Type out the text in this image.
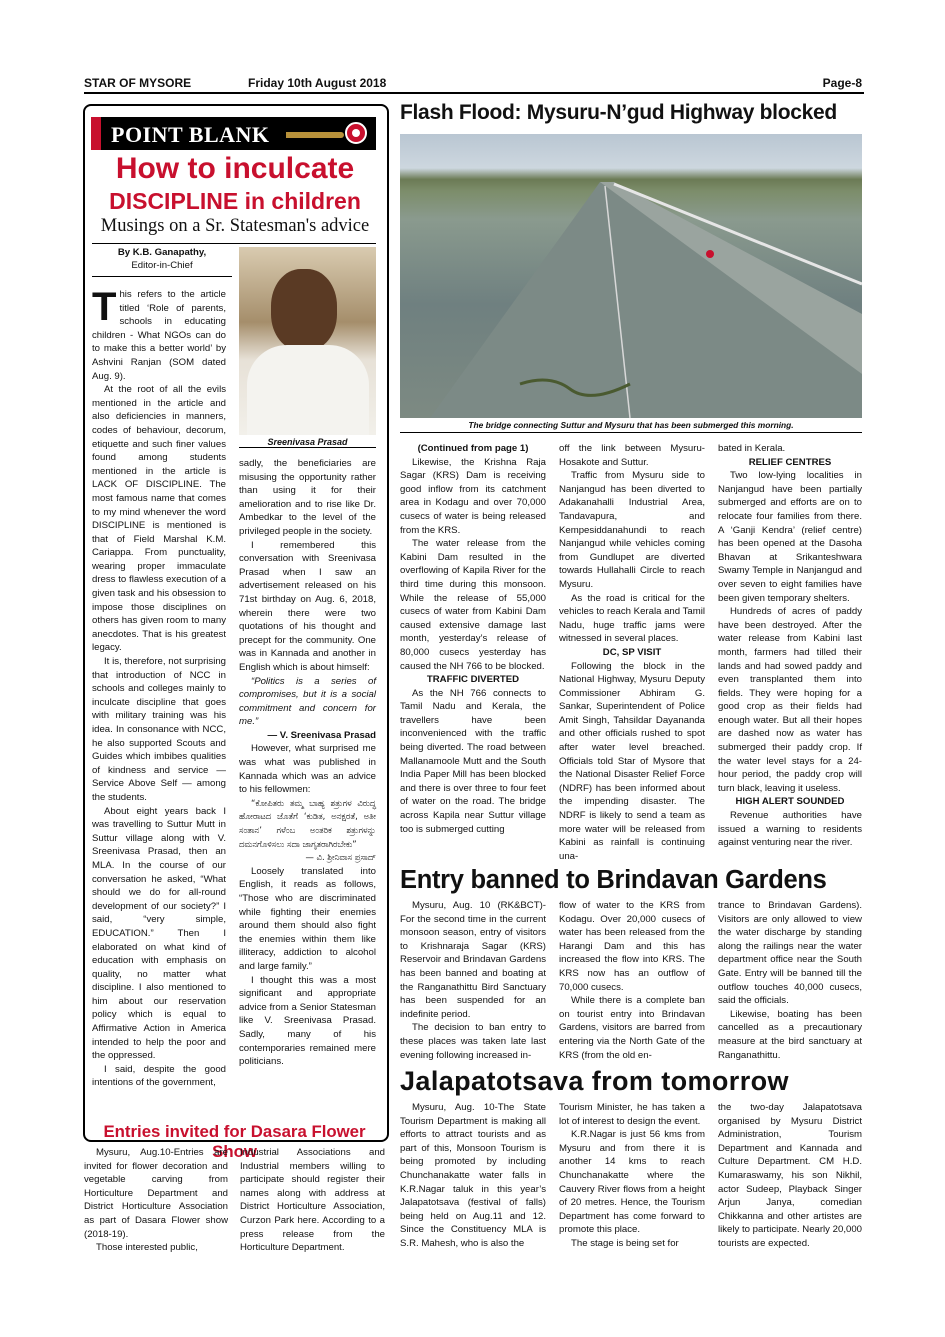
STAR OF MYSORE	Friday 10th August 2018	Page-8
POINT BLANK
How to inculcate
DISCIPLINE in children
Musings on a Sr. Statesman's advice
By K.B. Ganapathy,
Editor-in-Chief
Sreenivasa Prasad

This refers to the article titled ‘Role of parents, schools in educating children - What NGOs can do to make this a better world’ by Ashvini Ranjan (SOM dated Aug. 9).

At the root of all the evils mentioned in the article and also deficiencies in manners, codes of behaviour, decorum, etiquette and such finer values found among students mentioned in the article is LACK OF DISCIPLINE. The most famous name that comes to my mind whenever the word DISCIPLINE is mentioned is that of Field Marshal K.M. Cariappa. From punctuality, wearing proper immaculate dress to flawless execution of a given task and his obsession to impose those disciplines on others has given room to many anecdotes. That is his greatest legacy.

It is, therefore, not surprising that introduction of NCC in schools and colleges mainly to inculcate discipline that goes with military training was his idea. In consonance with NCC, he also supported Scouts and Guides which imbibes qualities of kindness and service — Service Above Self — among the students.

About eight years back I was travelling to Suttur Mutt in Suttur village along with V. Sreenivasa Prasad, then an MLA. In the course of our conversation he asked, “What should we do for all-round development of our society?” I said, “very simple, EDUCATION.” Then I elaborated on what kind of education with emphasis on quality, no matter what discipline. I also mentioned to him about our reservation policy which is equal to Affirmative Action in America intended to help the poor and the oppressed.

I said, despite the good intentions of the government,

sadly, the beneficiaries are misusing the opportunity rather than using it for their amelioration and to rise like Dr. Ambedkar to the level of the privileged people in the society.

I remembered this conversation with Sreenivasa Prasad when I saw an advertisement released on his 71st birthday on Aug. 6, 2018, wherein there were two quotations of his thought and precept for the community. One was in Kannada and another in English which is about himself:

“Politics is a series of compromises, but it is a social commitment and concern for me.”

— V. Sreenivasa Prasad

However, what surprised me was what was published in Kannada which was an advice to his fellowmen:

“ಕೋಪಿತರು ತಮ್ಮ ಬಾಹ್ಯ ಶತ್ರುಗಳ ವಿರುದ್ಧ ಹೋರಾಟದ ಜೊತೆಗೆ ‘ಕುಡಿತ, ಅನಕ್ಷರತೆ, ಅತೀ ಸಂತಾನ’ ಗಳೆಂಬ ಅಂತರಿಕ ಶತ್ರುಗಳನ್ನು ದಮನಗೊಳಿಸಲು ಸದಾ ಜಾಗೃತರಾಗಿರಬೇಕು”

— ವಿ. ಶ್ರೀನಿವಾಸ ಪ್ರಸಾದ್

Loosely translated into English, it reads as follows, “Those who are discriminated while fighting their enemies around them should also fight the enemies within them like illiteracy, addiction to alcohol and large family.”

I thought this was a most significant and appropriate advice from a Senior Statesman like V. Sreenivasa Prasad. Sadly, many of his contemporaries remained mere politicians.

Entries invited for Dasara Flower Show

Mysuru, Aug.10-Entries are invited for flower decoration and vegetable carving from Horticulture Department and District Horticulture Association as part of Dasara Flower show (2018-19).

Those interested public,

Industrial Associations and Industrial members willing to participate should register their names along with address at District Horticulture Association, Curzon Park here. According to a press release from the Horticulture Department.

Flash Flood: Mysuru-N’gud Highway blocked
The bridge connecting Suttur and Mysuru that has been submerged this morning.

(Continued from page 1)

Likewise, the Krishna Raja Sagar (KRS) Dam is receiving good inflow from its catchment area in Kodagu and over 70,000 cusecs of water is being released from the KRS.

The water release from the Kabini Dam resulted in the overflowing of Kapila River for the third time during this monsoon. While the release of 55,000 cusecs of water from Kabini Dam caused extensive damage last month, yesterday’s release of 80,000 cusecs yesterday has caused the NH 766 to be blocked.

TRAFFIC DIVERTED

As the NH 766 connects to Tamil Nadu and Kerala, the travellers have been inconvenienced with the traffic being diverted. The road between Mallanamoole Mutt and the South India Paper Mill has been blocked and there is over three to four feet of water on the road. The bridge across Kapila near Suttur village too is submerged cutting

off the link between Mysuru-Hosakote and Suttur.

Traffic from Mysuru side to Nanjangud has been diverted to Adakanahalli Industrial Area, Tandavapura, and Kempesiddanahundi to reach Nanjangud while vehicles coming from Gundlupet are diverted towards Hullahalli Circle to reach Mysuru.

As the road is critical for the vehicles to reach Kerala and Tamil Nadu, huge traffic jams were witnessed in several places.

DC, SP VISIT

Following the block in the National Highway, Mysuru Deputy Commissioner Abhiram G. Sankar, Superintendent of Police Amit Singh, Tahsildar Dayananda and other officials rushed to spot after water level breached. Officials told Star of Mysore that the National Disaster Relief Force (NDRF) has been informed about the impending disaster. The NDRF is likely to send a team as more water will be released from Kabini as rainfall is continuing una-

bated in Kerala.

RELIEF CENTRES

Two low-lying localities in Nanjangud have been partially submerged and efforts are on to relocate four families from there. A ‘Ganji Kendra’ (relief centre) has been opened at the Dasoha Bhavan at Srikanteshwara Swamy Temple in Nanjangud and over seven to eight families have been given temporary shelters.

Hundreds of acres of paddy have been destroyed. After the water release from Kabini last month, farmers had tilled their lands and had sowed paddy and even transplanted them into fields. They were hoping for a good crop as their fields had enough water. But all their hopes are dashed now as water has submerged their paddy crop. If the water level stays for a 24-hour period, the paddy crop will turn black, leaving it useless.

HIGH ALERT SOUNDED

Revenue authorities have issued a warning to residents against venturing near the river.

Entry banned to Brindavan Gardens

Mysuru, Aug. 10 (RK&BCT)- For the second time in the current monsoon season, entry of visitors to Krishnaraja Sagar (KRS) Reservoir and Brindavan Gardens has been banned and boating at the Ranganathittu Bird Sanctuary has been suspended for an indefinite period.

The decision to ban entry to these places was taken late last evening following increased in-

flow of water to the KRS from Kodagu. Over 20,000 cusecs of water has been released from the Harangi Dam and this has increased the flow into KRS. The KRS now has an outflow of 70,000 cusecs.

While there is a complete ban on tourist entry into Brindavan Gardens, visitors are barred from entering via the North Gate of the KRS (from the old en-

trance to Brindavan Gardens). Visitors are only allowed to view the water discharge by standing along the railings near the water department office near the South Gate. Entry will be banned till the outflow touches 40,000 cusecs, said the officials.

Likewise, boating has been cancelled as a precautionary measure at the bird sanctuary at Ranganathittu.

Jalapatotsava from tomorrow

Mysuru, Aug. 10-The State Tourism Department is making all efforts to attract tourists and as part of this, Monsoon Tourism is being promoted by including Chunchanakatte water falls in K.R.Nagar taluk in this year’s Jalapatotsava (festival of falls) being held on Aug.11 and 12. Since the Constituency MLA is S.R. Mahesh, who is also the

Tourism Minister, he has taken a lot of interest to design the event.

K.R.Nagar is just 56 kms from Mysuru and from there it is another 14 kms to reach Chunchanakatte where the Cauvery River flows from a height of 20 metres. Hence, the Tourism Department has come forward to promote this place.

The stage is being set for

the two-day Jalapatotsava organised by Mysuru District Administration, Tourism Department and Kannada and Culture Department. CM H.D. Kumaraswamy, his son Nikhil, actor Sudeep, Playback Singer Arjun Janya, comedian Chikkanna and other artistes are likely to participate. Nearly 20,000 tourists are expected.
